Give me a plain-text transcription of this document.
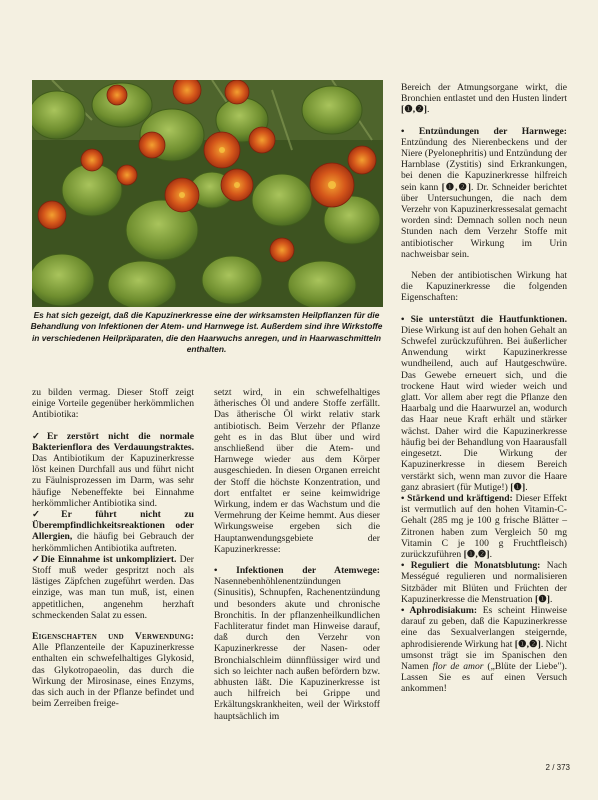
Es hat sich gezeigt, daß die Kapuzinerkresse eine der wirksamsten Heilpflanzen für die Behandlung von Infektionen der Atem- und Harnwege ist. Außerdem sind ihre Wirkstoffe in verschiedenen Heilpräparaten, die den Haarwuchs anregen, und in Haarwaschmitteln enthalten.

zu bilden vermag. Dieser Stoff zeigt einige Vorteile gegenüber herkömmlichen Antibiotika:

✓Er zerstört nicht die normale Bakterienflora des Verdauungstraktes. Das Antibiotikum der Kapuzinerkresse löst keinen Durchfall aus und führt nicht zu Fäulnisprozessen im Darm, was sehr häufige Nebeneffekte bei Einnahme herkömmlicher Antibiotika sind.

✓Er führt nicht zu Überempfindlichkeitsreaktionen oder Allergien, die häufig bei Gebrauch der herkömmlichen Antibiotika auftreten.

✓Die Einnahme ist unkompliziert. Der Stoff muß weder gespritzt noch als lästiges Zäpfchen zugeführt werden. Das einzige, was man tun muß, ist, einen appetitlichen, angenehm herzhaft schmeckenden Salat zu essen.

Eigenschaften und Verwendung: Alle Pflanzenteile der Kapuzinerkresse enthalten ein schwefelhaltiges Glykosid, das Glykotropaeolin, das durch die Wirkung der Mirosinase, eines Enzyms, das sich auch in der Pflanze befindet und beim Zerreiben freige-

setzt wird, in ein schwefelhaltiges ätherisches Öl und andere Stoffe zerfällt. Das ätherische Öl wirkt relativ stark antibiotisch. Beim Verzehr der Pflanze geht es in das Blut über und wird anschließend über die Atem- und Harnwege wieder aus dem Körper ausgeschieden. In diesen Organen erreicht der Stoff die höchste Konzentration, und dort entfaltet er seine keimwidrige Wirkung, indem er das Wachstum und die Vermehrung der Keime hemmt. Aus dieser Wirkungsweise ergeben sich die Hauptanwendungsgebiete der Kapuzinerkresse:

• Infektionen der Atemwege: Nasennebenhöhlenentzündungen (Sinusitis), Schnupfen, Rachenentzündung und besonders akute und chronische Bronchitis. In der pflanzenheilkundlichen Fachliteratur findet man Hinweise darauf, daß durch den Verzehr von Kapuzinerkresse der Nasen- oder Bronchialschleim dünnflüssiger wird und sich so leichter nach außen befördern bzw. abhusten läßt. Die Kapuzinerkresse ist auch hilfreich bei Grippe und Erkältungskrankheiten, weil der Wirkstoff hauptsächlich im

Bereich der Atmungsorgane wirkt, die Bronchien entlastet und den Husten lindert [❶,❷].

• Entzündungen der Harnwege: Entzündung des Nierenbeckens und der Niere (Pyelonephritis) und Entzündung der Harnblase (Zystitis) sind Erkrankungen, bei denen die Kapuzinerkresse hilfreich sein kann [❶,❷]. Dr. Schneider berichtet über Untersuchungen, die nach dem Verzehr von Kapuzinerkressesalat gemacht worden sind: Demnach sollen noch neun Stunden nach dem Verzehr Stoffe mit antibiotischer Wirkung im Urin nachweisbar sein.

Neben der antibiotischen Wirkung hat die Kapuzinerkresse die folgenden Eigenschaften:

• Sie unterstützt die Hautfunktionen. Diese Wirkung ist auf den hohen Gehalt an Schwefel zurückzuführen. Bei äußerlicher Anwendung wirkt Kapuzinerkresse wundheilend, auch auf Hautgeschwüre. Das Gewebe erneuert sich, und die trockene Haut wird wieder weich und glatt. Vor allem aber regt die Pflanze den Haarbalg und die Haarwurzel an, wodurch das Haar neue Kraft erhält und stärker wächst. Daher wird die Kapuzinerkresse häufig bei der Behandlung von Haarausfall eingesetzt. Die Wirkung der Kapuzinerkresse in diesem Bereich verstärkt sich, wenn man zuvor die Haare ganz abrasiert (für Mutige!) [❶].

• Stärkend und kräftigend: Dieser Effekt ist vermutlich auf den hohen Vitamin-C-Gehalt (285 mg je 100 g frische Blätter – Zitronen haben zum Vergleich 50 mg Vitamin C je 100 g Fruchtfleisch) zurückzuführen [❶,❷].

• Reguliert die Monatsblutung: Nach Mességué regulieren und normalisieren Sitzbäder mit Blüten und Früchten der Kapuzinerkresse die Menstruation [❶].

• Aphrodisiakum: Es scheint Hinweise darauf zu geben, daß die Kapuzinerkresse eine das Sexualverlangen steigernde, aphrodisierende Wirkung hat [❶,❷]. Nicht umsonst trägt sie im Spanischen den Namen flor de amor („Blüte der Liebe"). Lassen Sie es auf einen Versuch ankommen!

2 / 373
